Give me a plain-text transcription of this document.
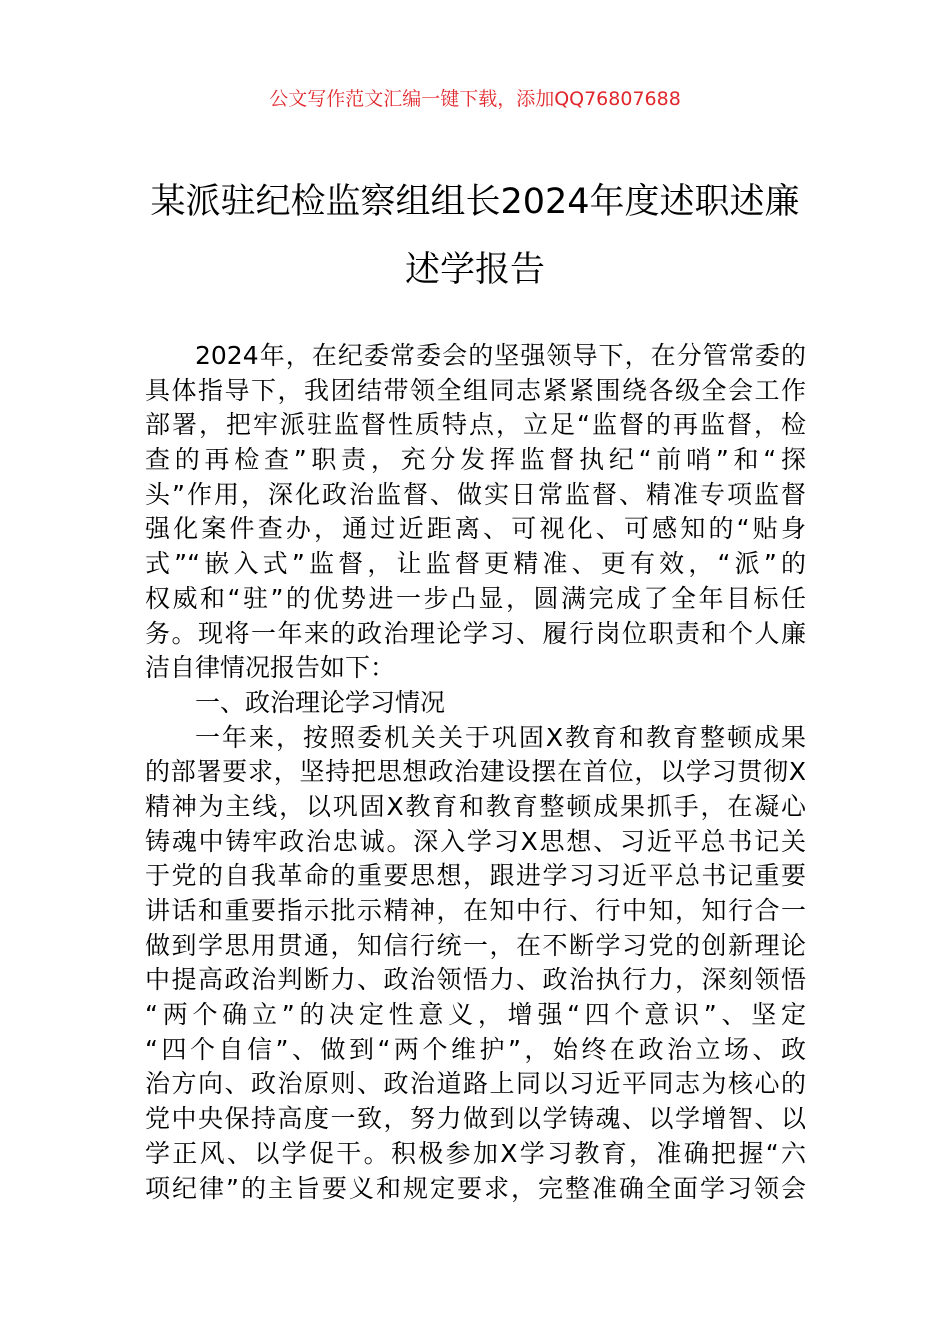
公文写作范文汇编一键下载，添加QQ76807688
某派驻纪检监察组组长2024年度述职述廉
述学报告
2024年，在纪委常委会的坚强领导下，在分管常委的
具体指导下，我团结带领全组同志紧紧围绕各级全会工作
部署，把牢派驻监督性质特点，立足“监督的再监督，检
查的再检查”职责，充分发挥监督执纪“前哨”和“探
头”作用，深化政治监督、做实日常监督、精准专项监督
强化案件查办，通过近距离、可视化、可感知的“贴身
式”“嵌入式”监督，让监督更精准、更有效，“派”的
权威和“驻”的优势进一步凸显，圆满完成了全年目标任
务。现将一年来的政治理论学习、履行岗位职责和个人廉
洁自律情况报告如下：
一、政治理论学习情况
一年来，按照委机关关于巩固X教育和教育整顿成果
的部署要求，坚持把思想政治建设摆在首位，以学习贯彻X
精神为主线，以巩固X教育和教育整顿成果抓手，在凝心
铸魂中铸牢政治忠诚。深入学习X思想、习近平总书记关
于党的自我革命的重要思想，跟进学习习近平总书记重要
讲话和重要指示批示精神，在知中行、行中知，知行合一
做到学思用贯通，知信行统一，在不断学习党的创新理论
中提高政治判断力、政治领悟力、政治执行力，深刻领悟
“两个确立”的决定性意义，增强“四个意识”、坚定
“四个自信”、做到“两个维护”，始终在政治立场、政
治方向、政治原则、政治道路上同以习近平同志为核心的
党中央保持高度一致，努力做到以学铸魂、以学增智、以
学正风、以学促干。积极参加X学习教育，准确把握“六
项纪律”的主旨要义和规定要求，完整准确全面学习领会
